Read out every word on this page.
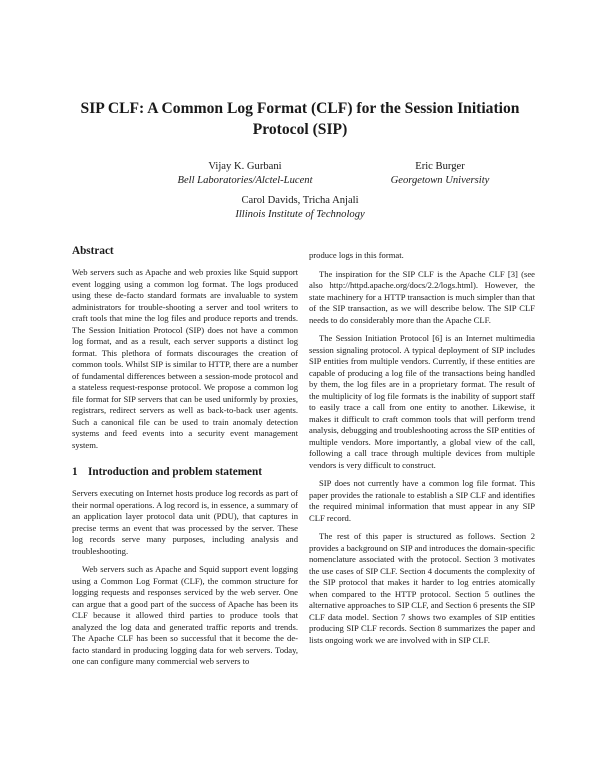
SIP CLF: A Common Log Format (CLF) for the Session Initiation Protocol (SIP)
Vijay K. Gurbani
Bell Laboratories/Alctel-Lucent
Eric Burger
Georgetown University
Carol Davids, Tricha Anjali
Illinois Institute of Technology
Abstract

Web servers such as Apache and web proxies like Squid support event logging using a common log format. The logs produced using these de-facto standard formats are invaluable to system administrators for trouble-shooting a server and tool writers to craft tools that mine the log files and produce reports and trends. The Session Initiation Protocol (SIP) does not have a common log format, and as a result, each server supports a distinct log format. This plethora of formats discourages the creation of common tools. Whilst SIP is similar to HTTP, there are a number of fundamental differences between a session-mode protocol and a stateless request-response protocol. We propose a common log file format for SIP servers that can be used uniformly by proxies, registrars, redirect servers as well as back-to-back user agents. Such a canonical file can be used to train anomaly detection systems and feed events into a security event management system.

1 Introduction and problem statement

Servers executing on Internet hosts produce log records as part of their normal operations. A log record is, in essence, a summary of an application layer protocol data unit (PDU), that captures in precise terms an event that was processed by the server. These log records serve many purposes, including analysis and troubleshooting.

Web servers such as Apache and Squid support event logging using a Common Log Format (CLF), the common structure for logging requests and responses serviced by the web server. One can argue that a good part of the success of Apache has been its CLF because it allowed third parties to produce tools that analyzed the log data and generated traffic reports and trends. The Apache CLF has been so successful that it become the de-facto standard in producing logging data for web servers. Today, one can configure many commercial web servers to

produce logs in this format.

The inspiration for the SIP CLF is the Apache CLF [3] (see also http://httpd.apache.org/docs/2.2/logs.html). However, the state machinery for a HTTP transaction is much simpler than that of the SIP transaction, as we will describe below. The SIP CLF needs to do considerably more than the Apache CLF.

The Session Initiation Protocol [6] is an Internet multimedia session signaling protocol. A typical deployment of SIP includes SIP entities from multiple vendors. Currently, if these entities are capable of producing a log file of the transactions being handled by them, the log files are in a proprietary format. The result of the multiplicity of log file formats is the inability of support staff to easily trace a call from one entity to another. Likewise, it makes it difficult to craft common tools that will perform trend analysis, debugging and troubleshooting across the SIP entities of multiple vendors. More importantly, a global view of the call, following a call trace through multiple devices from multiple vendors is very difficult to construct.

SIP does not currently have a common log file format. This paper provides the rationale to establish a SIP CLF and identifies the required minimal information that must appear in any SIP CLF record.

The rest of this paper is structured as follows. Section 2 provides a background on SIP and introduces the domain-specific nomenclature associated with the protocol. Section 3 motivates the use cases of SIP CLF. Section 4 documents the complexity of the SIP protocol that makes it harder to log entries atomically when compared to the HTTP protocol. Section 5 outlines the alternative approaches to SIP CLF, and Section 6 presents the SIP CLF data model. Section 7 shows two examples of SIP entities producing SIP CLF records. Section 8 summarizes the paper and lists ongoing work we are involved with in SIP CLF.
